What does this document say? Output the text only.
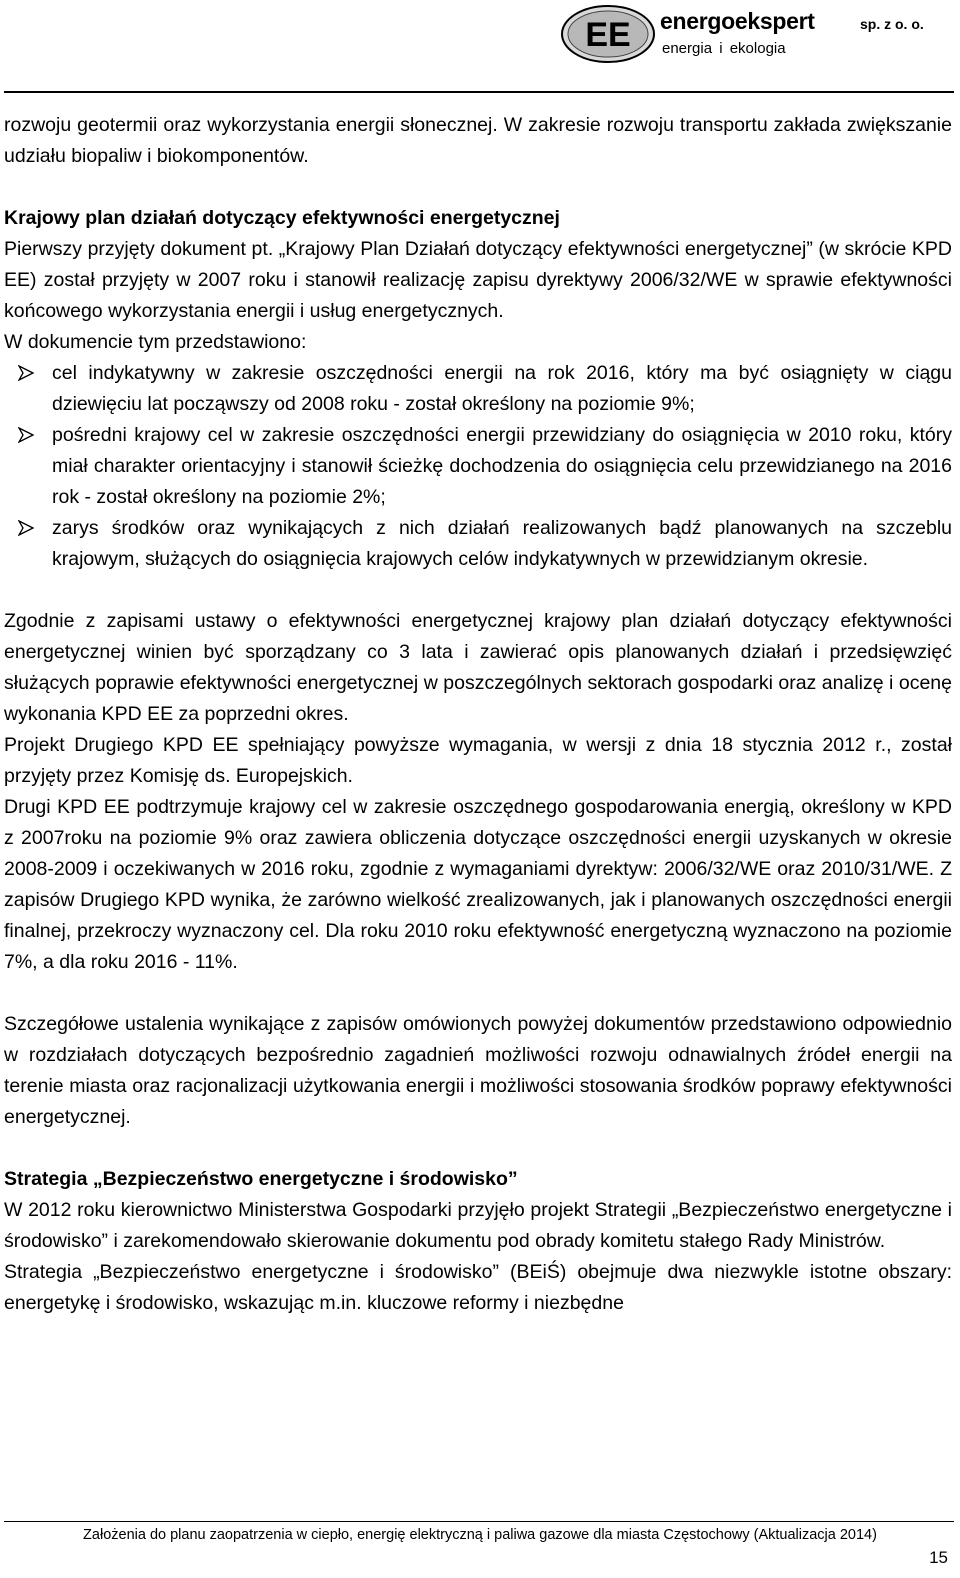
EE energoekspert
energia i ekologia
sp. z o. o.

rozwoju geotermii oraz wykorzystania energii słonecznej. W zakresie rozwoju transportu zakłada zwiększanie udziału biopaliw i biokomponentów.

Krajowy plan działań dotyczący efektywności energetycznej

Pierwszy przyjęty dokument pt. „Krajowy Plan Działań dotyczący efektywności energetycznej” (w skrócie KPD EE) został przyjęty w 2007 roku i stanowił realizację zapisu dyrektywy 2006/32/WE w sprawie efektywności końcowego wykorzystania energii i usług energetycznych.

W dokumencie tym przedstawiono:

cel indykatywny w zakresie oszczędności energii na rok 2016, który ma być osiągnięty w ciągu dziewięciu lat począwszy od 2008 roku - został określony na poziomie 9%;
pośredni krajowy cel w zakresie oszczędności energii przewidziany do osiągnięcia w 2010 roku, który miał charakter orientacyjny i stanowił ścieżkę dochodzenia do osiągnięcia celu przewidzianego na 2016 rok - został określony na poziomie 2%;
zarys środków oraz wynikających z nich działań realizowanych bądź planowanych na szczeblu krajowym, służących do osiągnięcia krajowych celów indykatywnych w przewidzianym okresie.

Zgodnie z zapisami ustawy o efektywności energetycznej krajowy plan działań dotyczący efektywności energetycznej winien być sporządzany co 3 lata i zawierać opis planowanych działań i przedsięwzięć służących poprawie efektywności energetycznej w poszczególnych sektorach gospodarki oraz analizę i ocenę wykonania KPD EE za poprzedni okres.

Projekt Drugiego KPD EE spełniający powyższe wymagania, w wersji z dnia 18 stycznia 2012 r., został przyjęty przez Komisję ds. Europejskich.

Drugi KPD EE podtrzymuje krajowy cel w zakresie oszczędnego gospodarowania energią, określony w KPD z 2007roku na poziomie 9% oraz zawiera obliczenia dotyczące oszczędności energii uzyskanych w okresie 2008-2009 i oczekiwanych w 2016 roku, zgodnie z wymaganiami dyrektyw: 2006/32/WE oraz 2010/31/WE. Z zapisów Drugiego KPD wynika, że zarówno wielkość zrealizowanych, jak i planowanych oszczędności energii finalnej, przekroczy wyznaczony cel. Dla roku 2010 roku efektywność energetyczną wyznaczono na poziomie 7%, a dla roku 2016 - 11%.

Szczegółowe ustalenia wynikające z zapisów omówionych powyżej dokumentów przedstawiono odpowiednio w rozdziałach dotyczących bezpośrednio zagadnień możliwości rozwoju odnawialnych źródeł energii na terenie miasta oraz racjonalizacji użytkowania energii i możliwości stosowania środków poprawy efektywności energetycznej.

Strategia „Bezpieczeństwo energetyczne i środowisko”

W 2012 roku kierownictwo Ministerstwa Gospodarki przyjęło projekt Strategii „Bezpieczeństwo energetyczne i środowisko” i zarekomendowało skierowanie dokumentu pod obrady komitetu stałego Rady Ministrów.

Strategia „Bezpieczeństwo energetyczne i środowisko” (BEiŚ) obejmuje dwa niezwykle istotne obszary: energetykę i środowisko, wskazując m.in. kluczowe reformy i niezbędne

Założenia do planu zaopatrzenia w ciepło, energię elektryczną i paliwa gazowe dla miasta Częstochowy (Aktualizacja 2014)
15
